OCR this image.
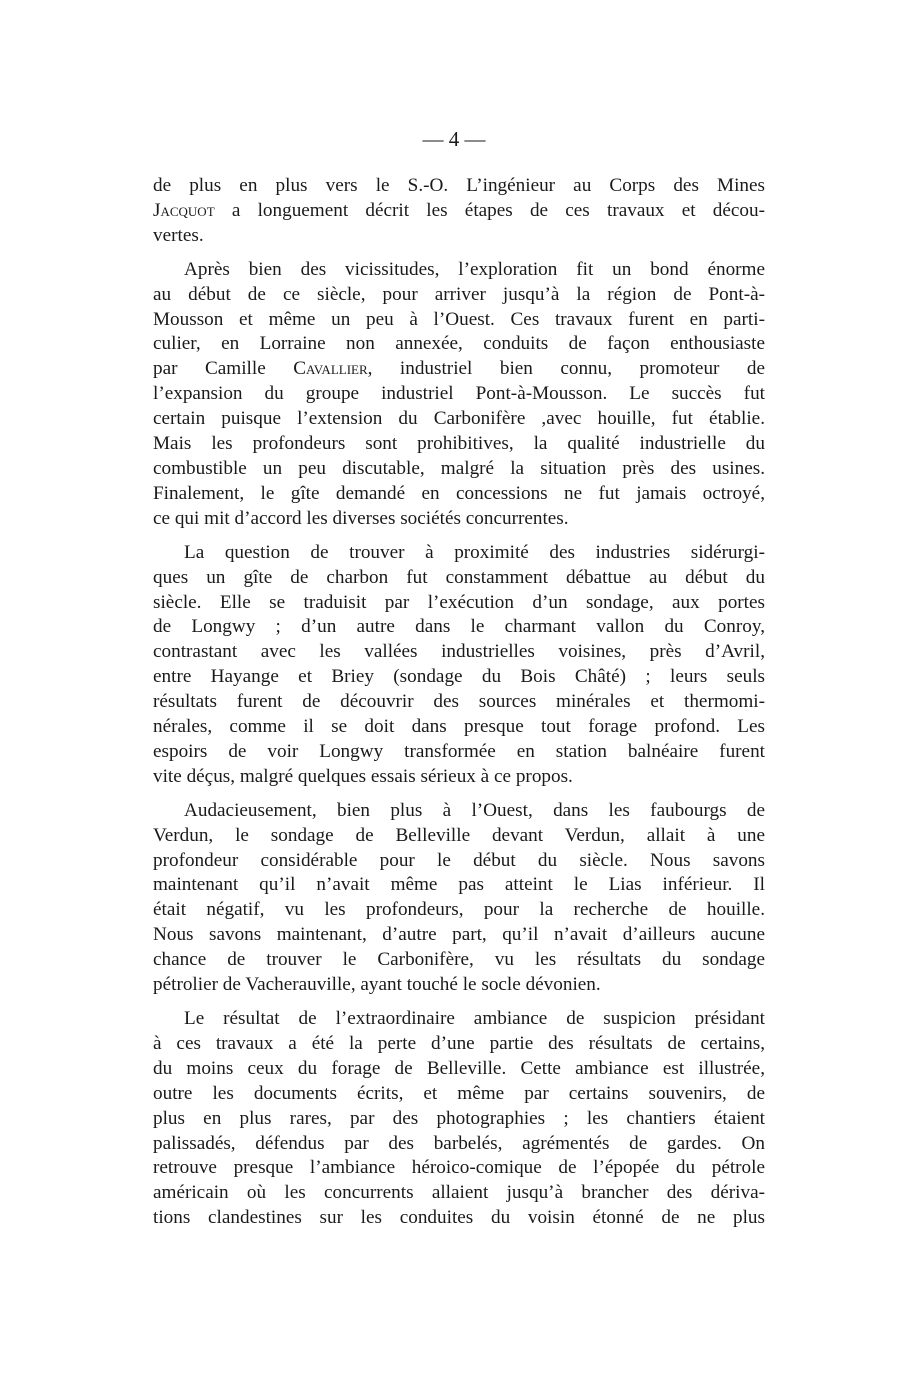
— 4 —
de plus en plus vers le S.-O. L’ingénieur au Corps des Mines
Jacquot a longuement décrit les étapes de ces travaux et décou-
vertes.
Après bien des vicissitudes, l’exploration fit un bond énorme
au début de ce siècle, pour arriver jusqu’à la région de Pont-à-
Mousson et même un peu à l’Ouest. Ces travaux furent en parti-
culier, en Lorraine non annexée, conduits de façon enthousiaste
par Camille Cavallier, industriel bien connu, promoteur de
l’expansion du groupe industriel Pont-à-Mousson. Le succès fut
certain puisque l’extension du Carbonifère ,avec houille, fut établie.
Mais les profondeurs sont prohibitives, la qualité industrielle du
combustible un peu discutable, malgré la situation près des usines.
Finalement, le gîte demandé en concessions ne fut jamais octroyé,
ce qui mit d’accord les diverses sociétés concurrentes.
La question de trouver à proximité des industries sidérurgi-
ques un gîte de charbon fut constamment débattue au début du
siècle. Elle se traduisit par l’exécution d’un sondage, aux portes
de Longwy ; d’un autre dans le charmant vallon du Conroy,
contrastant avec les vallées industrielles voisines, près d’Avril,
entre Hayange et Briey (sondage du Bois Châté) ; leurs seuls
résultats furent de découvrir des sources minérales et thermomi-
nérales, comme il se doit dans presque tout forage profond. Les
espoirs de voir Longwy transformée en station balnéaire furent
vite déçus, malgré quelques essais sérieux à ce propos.
Audacieusement, bien plus à l’Ouest, dans les faubourgs de
Verdun, le sondage de Belleville devant Verdun, allait à une
profondeur considérable pour le début du siècle. Nous savons
maintenant qu’il n’avait même pas atteint le Lias inférieur. Il
était négatif, vu les profondeurs, pour la recherche de houille.
Nous savons maintenant, d’autre part, qu’il n’avait d’ailleurs aucune
chance de trouver le Carbonifère, vu les résultats du sondage
pétrolier de Vacherauville, ayant touché le socle dévonien.
Le résultat de l’extraordinaire ambiance de suspicion présidant
à ces travaux a été la perte d’une partie des résultats de certains,
du moins ceux du forage de Belleville. Cette ambiance est illustrée,
outre les documents écrits, et même par certains souvenirs, de
plus en plus rares, par des photographies ; les chantiers étaient
palissadés, défendus par des barbelés, agrémentés de gardes. On
retrouve presque l’ambiance héroico-comique de l’épopée du pétrole
américain où les concurrents allaient jusqu’à brancher des dériva-
tions clandestines sur les conduites du voisin étonné de ne plus
